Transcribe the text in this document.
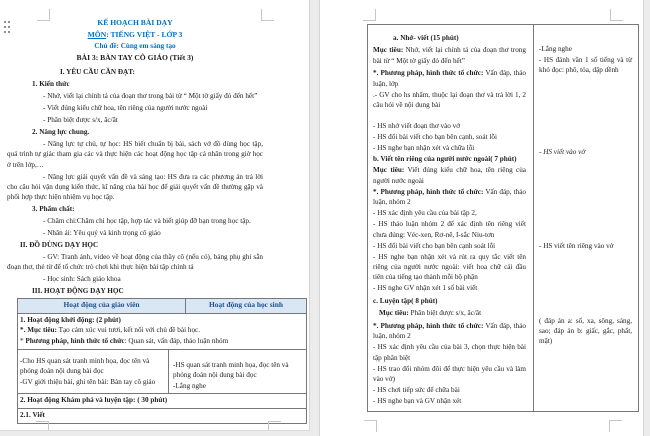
KẾ HOẠCH BÀI DẠY
MÔN: TIẾNG VIỆT - LỚP 3
Chủ đề: Cùng em sáng tạo
BÀI 3: BÀN TAY CÔ GIÁO (Tiết 3)
I. YÊU CẦU CẦN ĐẠT:
1. Kiến thức
- Nhớ, viết lại chính tả của đoạn thơ trong bài từ “ Một tờ giấy đỏ đến hết”
- Viết đúng kiểu chữ hoa, tên riêng của người nước ngoài
- Phân biệt được s/x, ăc/ăt
2. Năng lực chung.
- Năng lực tự chủ, tự học: HS biết chuẩn bị bài, sách vở đồ dùng học tập, quá trình tự giác tham gia các và thực hiện các hoạt động học tập cá nhân trong giờ học ở trên lớp,…
- Năng lực giải quyết vấn đề và sáng tạo: HS đưa ra các phương án trả lời cho câu hỏi vận dụng kiến thức, kĩ năng của bài học để giải quyết vấn đề thường gặp và phối hợp thực hiện nhiệm vụ học tập.
3. Phẩm chất:
- Chăm chỉ:Chăm chỉ học tập, hợp tác và biết giúp đỡ bạn trong học tập.
- Nhân ái: Yêu quý và kinh trọng cô giáo
II. ĐỒ DÙNG DẠY HỌC
- GV: Tranh ảnh, video về hoạt động của thầy cô (nếu có), bảng phụ ghi sẵn đoạn thơ, thẻ từ để tổ chức trò chơi khi thực hiện bài tập chính tả
- Học sinh: Sách giáo khoa
III. HOẠT ĐỘNG DẠY HỌC
Hoạt động của giáo viên	Hoạt động của học sinh
1. Hoạt động khởi động: (2 phút)
*. Mục tiêu: Tạo cảm xúc vui tươi, kết nối với chủ đề bài học.
* Phương pháp, hình thức tổ chức: Quan sát, vấn đáp, thảo luận nhóm
-Cho HS quan sát tranh minh họa, đọc tên và phỏng đoán nội dung bài đọc
-GV giới thiệu bài, ghi tên bài: Bàn tay cô giáo
-HS quan sát tranh minh họa, đọc tên và phỏng đoán nội dung bài đọc
-Lắng nghe
2. Hoạt động Khám phá và luyện tập: ( 30 phút)
2.1. Viết
a. Nhớ- viết (15 phút)
Mục tiêu: Nhớ, viết lại chính tả của đoạn thơ trong bài từ “ Một tờ giấy đỏ đến hết”
*. Phương pháp, hình thức tổ chức: Vấn đáp, thảo luận, lớp
.- GV cho hs nhẩm, thuộc lại đoạn thơ và trả lời 1, 2 câu hỏi về nội dung bài
- HS nhớ viết đoạn thơ vào vở
- HS đổi bài viết cho bạn bên cạnh, soát lỗi
- HS nghe bạn nhận xét và chữa lỗi
b. Viết tên riêng của người nước ngoài( 7 phút)
Mục tiêu: Viết đúng kiểu chữ hoa, tên riêng của người nước ngoài
*. Phương pháp, hình thức tổ chức: Vấn đáp, thảo luận, nhóm 2
- HS xác định yêu cầu của bài tập 2,
- HS thảo luận nhóm 2 để xác định tên riêng viết chưa đúng: Véc-xen, Rơ-nê, I-sắc Niu-tơn
- HS đổi bài viết cho bạn bên cạnh soát lỗi
- HS nghe bạn nhận xét và rút ra quy tắc viết tên riêng của người nước ngoài: viết hoa chữ cái đầu tiên của tiếng tạo thành mỗi bộ phận
- HS nghe GV nhận xét 1 số bài viết
c. Luyện tập( 8 phút)
Mục tiêu: Phân biệt được s/x, ăc/ăt
*. Phương pháp, hình thức tổ chức: Vấn đáp, thảo luận, nhóm 2
- HS xác định yêu cầu của bài 3, chọn thực hiện bài tập phân biệt
- HS trao đổi nhóm đôi để thực hiện yêu cầu và làm vào vở)
- HS chơi tiếp sức để chữa bài
- HS nghe bạn và GV nhận xét
-Lắng nghe
- HS đánh vần 1 số tiếng và từ khó đọc: phô, tỏa, dập dềnh
- HS viết vào vở
- HS viết tên riêng vào vở
( đáp án a: sổ, xa, sông, sáng, sao; đáp án b: giấc, gắc, phất, mặt)
